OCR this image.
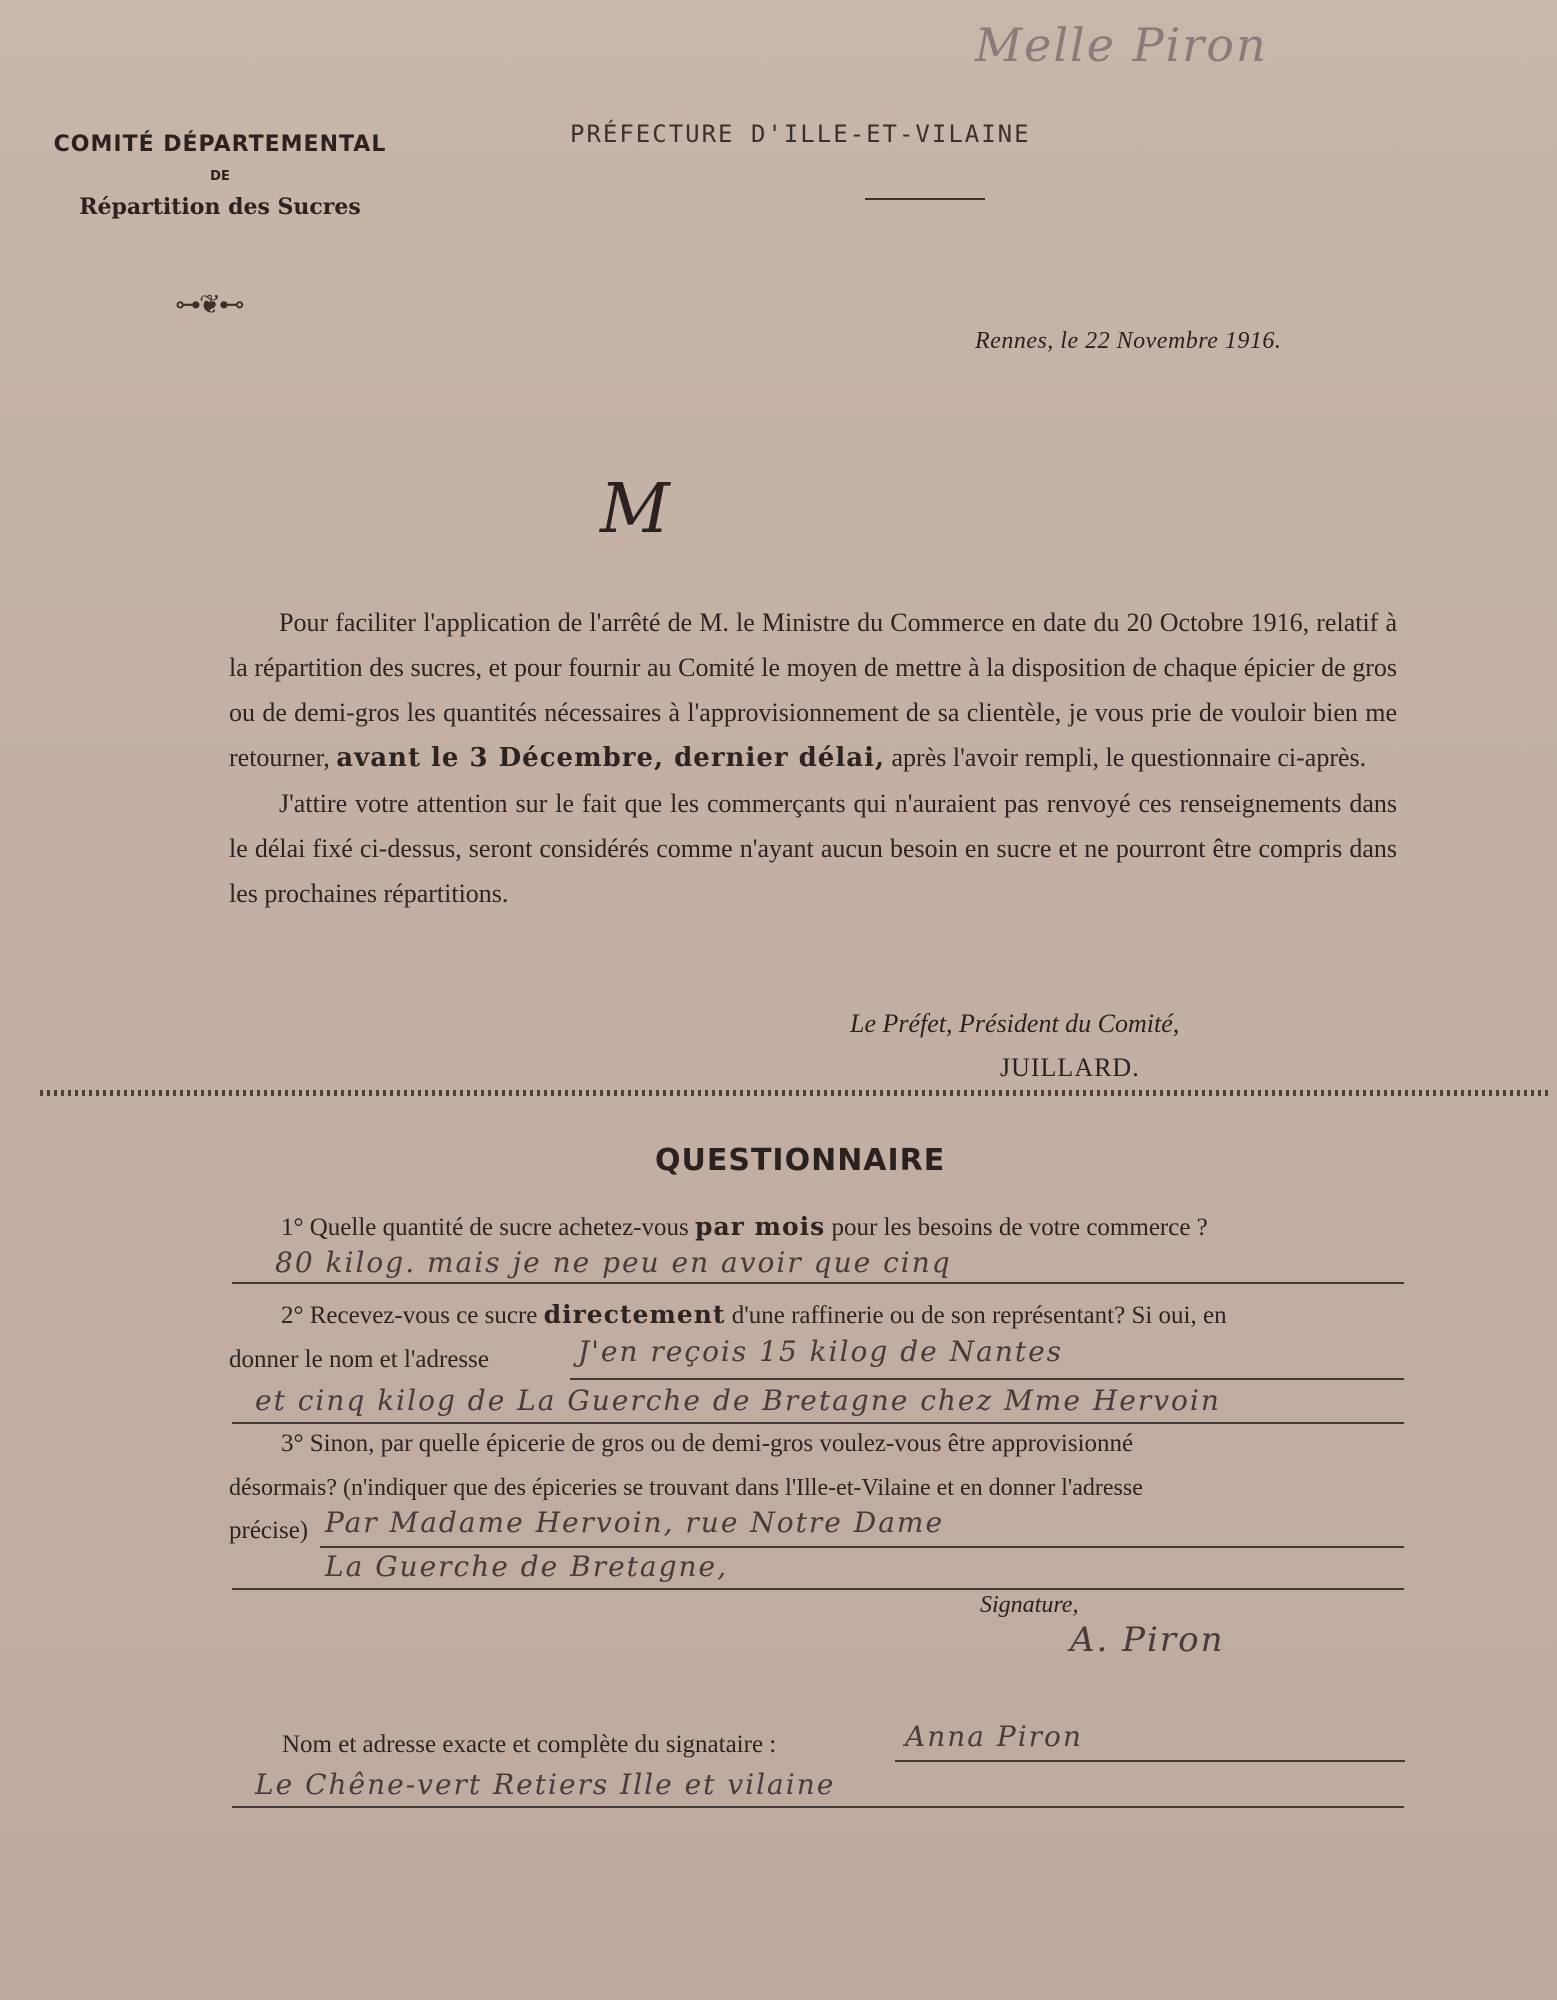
Melle Piron
COMITÉ DÉPARTEMENTAL
DE
Répartition des Sucres
⊶❦⊷
PRÉFECTURE D'ILLE-ET-VILAINE
Rennes, le 22 Novembre 1916.
M

Pour faciliter l'application de l'arrêté de M. le Ministre du Commerce en date du 20 Octobre 1916, relatif à la répartition des sucres, et pour fournir au Comité le moyen de mettre à la disposition de chaque épicier de gros ou de demi-gros les quantités nécessaires à l'approvisionnement de sa clientèle, je vous prie de vouloir bien me retourner, avant le 3 Décembre, dernier délai, après l'avoir rempli, le questionnaire ci-après.

J'attire votre attention sur le fait que les commerçants qui n'auraient pas renvoyé ces renseignements dans le délai fixé ci-dessus, seront considérés comme n'ayant aucun besoin en sucre et ne pourront être compris dans les prochaines répartitions.

Le Préfet, Président du Comité,
JUILLARD.
QUESTIONNAIRE
1° Quelle quantité de sucre achetez-vous par mois pour les besoins de votre commerce ?
80 kilog. mais je ne peu en avoir que cinq
2° Recevez-vous ce sucre directement d'une raffinerie ou de son représentant? Si oui, en
donner le nom et l'adresse	J'en reçois 15 kilog de Nantes
et cinq kilog de La Guerche de Bretagne chez Mme Hervoin
3° Sinon, par quelle épicerie de gros ou de demi-gros voulez-vous être approvisionné
désormais? (n'indiquer que des épiceries se trouvant dans l'Ille-et-Vilaine et en donner l'adresse
précise) Par Madame Hervoin, rue Notre Dame
La Guerche de Bretagne,
Signature,
A. Piron
Nom et adresse exacte et complète du signataire :	Anna Piron
Le Chêne-vert Retiers Ille et vilaine
